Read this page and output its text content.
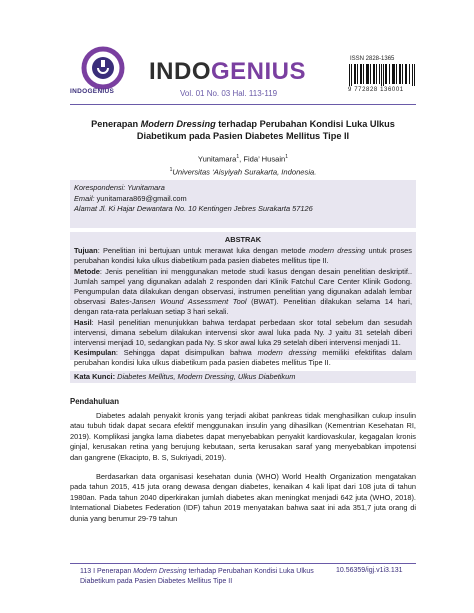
INDOGENIUS
INDOGENIUS
Vol. 01 No. 03 Hal. 113-119
ISSN 2828-1365
9 772828 136001
Penerapan Modern Dressing terhadap Perubahan Kondisi Luka Ulkus Diabetikum pada Pasien Diabetes Mellitus Tipe II
Yunitamara$^1$, Fida’ Husain$^1$
$^1$Universitas ‘Aisyiyah Surakarta, Indonesia.
Korespondensi: Yunitamara
Email: yunitamara869@gmail.com
Alamat Jl. Ki Hajar Dewantara No. 10 Kentingen Jebres Surakarta 57126
ABSTRAK

Tujuan: Penelitian ini bertujuan untuk merawat luka dengan metode modern dressing untuk proses perubahan kondisi luka ulkus diabetikum pada pasien diabetes mellitus tipe II.

Metode: Jenis penelitian ini menggunakan metode studi kasus dengan desain penelitian deskriptif.. Jumlah sampel yang digunakan adalah 2 responden dari Klinik Fatchul Care Center Klinik Godong. Pengumpulan data dilakukan dengan observasi, instrumen penelitian yang digunakan adalah lembar observasi Bates-Jansen Wound Assessment Tool (BWAT). Penelitian dilakukan selama 14 hari, dengan rata-rata perlakuan setiap 3 hari sekali.

Hasil: Hasil penelitian menunjukkan bahwa terdapat perbedaan skor total sebelum dan sesudah intervensi, dimana sebelum dilakukan intervensi skor awal luka pada Ny. J yaitu 31 setelah diberi intervensi menjadi 10, sedangkan pada Ny. S skor awal luka 29 setelah diberi intervensi menjadi 11.

Kesimpulan: Sehingga dapat disimpulkan bahwa modern dressing memiliki efektifitas dalam perubahan kondisi luka ulkus diabetikum pada pasien diabetes mellitus Tipe II.

Kata Kunci: Diabetes Mellitus, Modern Dressing, Ulkus Diabetikum
Pendahuluan

Diabetes adalah penyakit kronis yang terjadi akibat pankreas tidak menghasilkan cukup insulin atau tubuh tidak dapat secara efektif menggunakan insulin yang dihasilkan (Kementrian Kesehatan RI, 2019). Komplikasi jangka lama diabetes dapat menyebabkan penyakit kardiovaskular, kegagalan kronis ginjal, kerusakan retina yang berujung kebutaan, serta kerusakan saraf yang menyebabkan impotensi dan gangrene (Ekacipto, B. S, Sukriyadi, 2019).

Berdasarkan data organisasi kesehatan dunia (WHO) World Health Organization mengatakan pada tahun 2015, 415 juta orang dewasa dengan diabetes, kenaikan 4 kali lipat dari 108 juta di tahun 1980an. Pada tahun 2040 diperkirakan jumlah diabetes akan meningkat menjadi 642 juta (WHO, 2018). International Diabetes Federation (IDF) tahun 2019 menyatakan bahwa saat ini ada 351,7 juta orang di dunia yang berumur 29-79 tahun

113 I Penerapan Modern Dressing terhadap Perubahan Kondisi Luka Ulkus Diabetikum pada Pasien Diabetes Mellitus Tipe II
10.56359/igj.v1i3.131
